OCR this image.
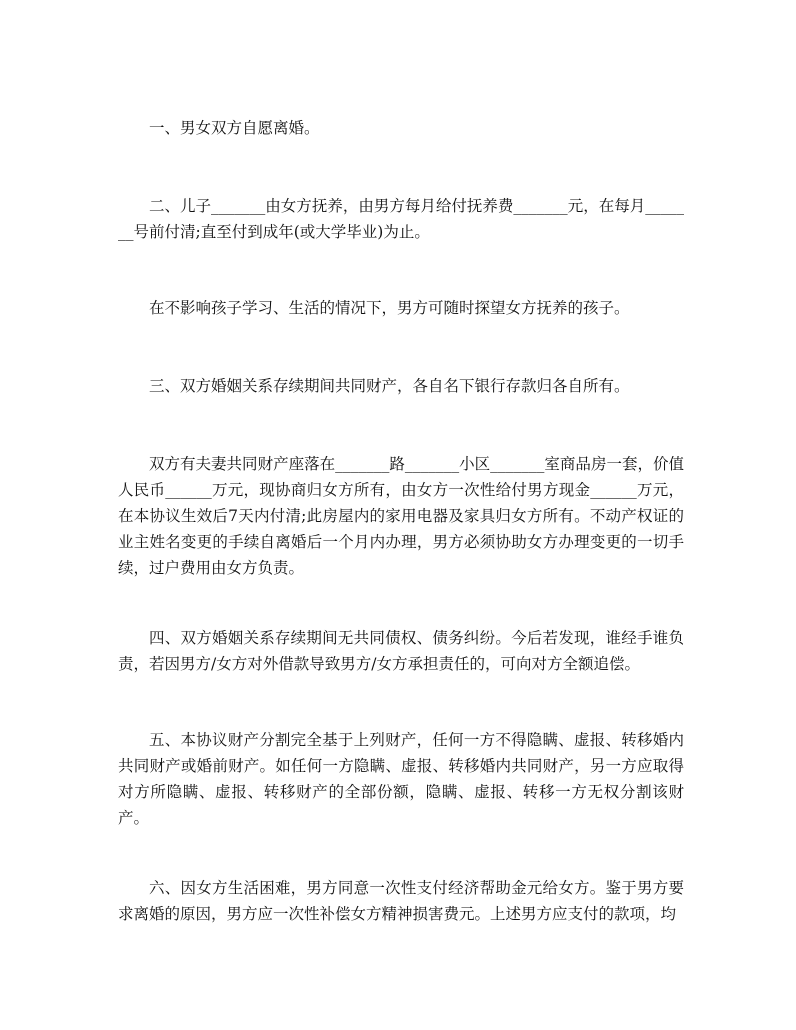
一、男女双方自愿离婚。

二、儿子_______由女方抚养，由男方每月给付抚养费_______元，在每月_______号前付清;直至付到成年(或大学毕业)为止。

在不影响孩子学习、生活的情况下，男方可随时探望女方抚养的孩子。

三、双方婚姻关系存续期间共同财产，各自名下银行存款归各自所有。

双方有夫妻共同财产座落在_______路_______小区_______室商品房一套，价值人民币______万元，现协商归女方所有，由女方一次性给付男方现金______万元，在本协议生效后7天内付清;此房屋内的家用电器及家具归女方所有。不动产权证的业主姓名变更的手续自离婚后一个月内办理，男方必须协助女方办理变更的一切手续，过户费用由女方负责。

四、双方婚姻关系存续期间无共同债权、债务纠纷。今后若发现，谁经手谁负责，若因男方/女方对外借款导致男方/女方承担责任的，可向对方全额追偿。

五、本协议财产分割完全基于上列财产，任何一方不得隐瞒、虚报、转移婚内共同财产或婚前财产。如任何一方隐瞒、虚报、转移婚内共同财产，另一方应取得对方所隐瞒、虚报、转移财产的全部份额，隐瞒、虚报、转移一方无权分割该财产。

六、因女方生活困难，男方同意一次性支付经济帮助金元给女方。鉴于男方要求离婚的原因，男方应一次性补偿女方精神损害费元。上述男方应支付的款项，均
